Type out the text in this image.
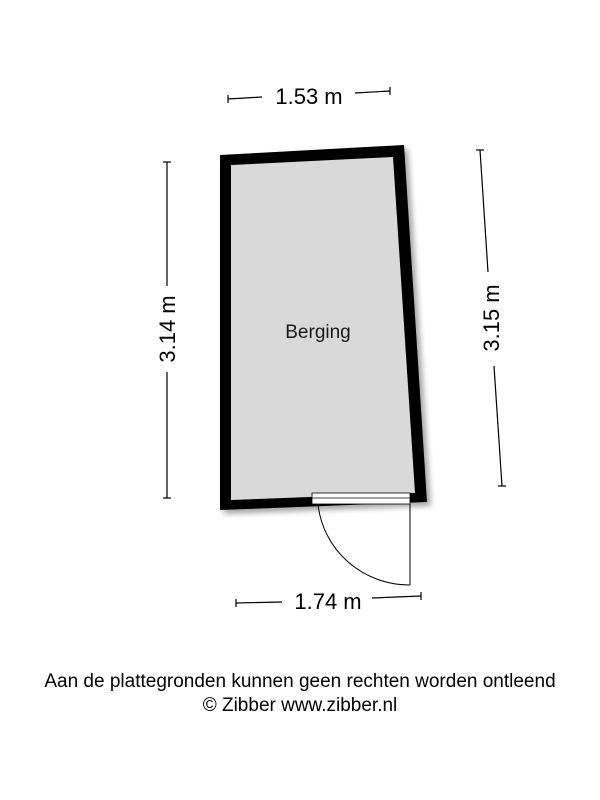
Berging
1.53 m
1.74 m
3.14 m	3.15 m
Aan de plattegronden kunnen geen rechten worden ontleend
© Zibber www.zibber.nl
